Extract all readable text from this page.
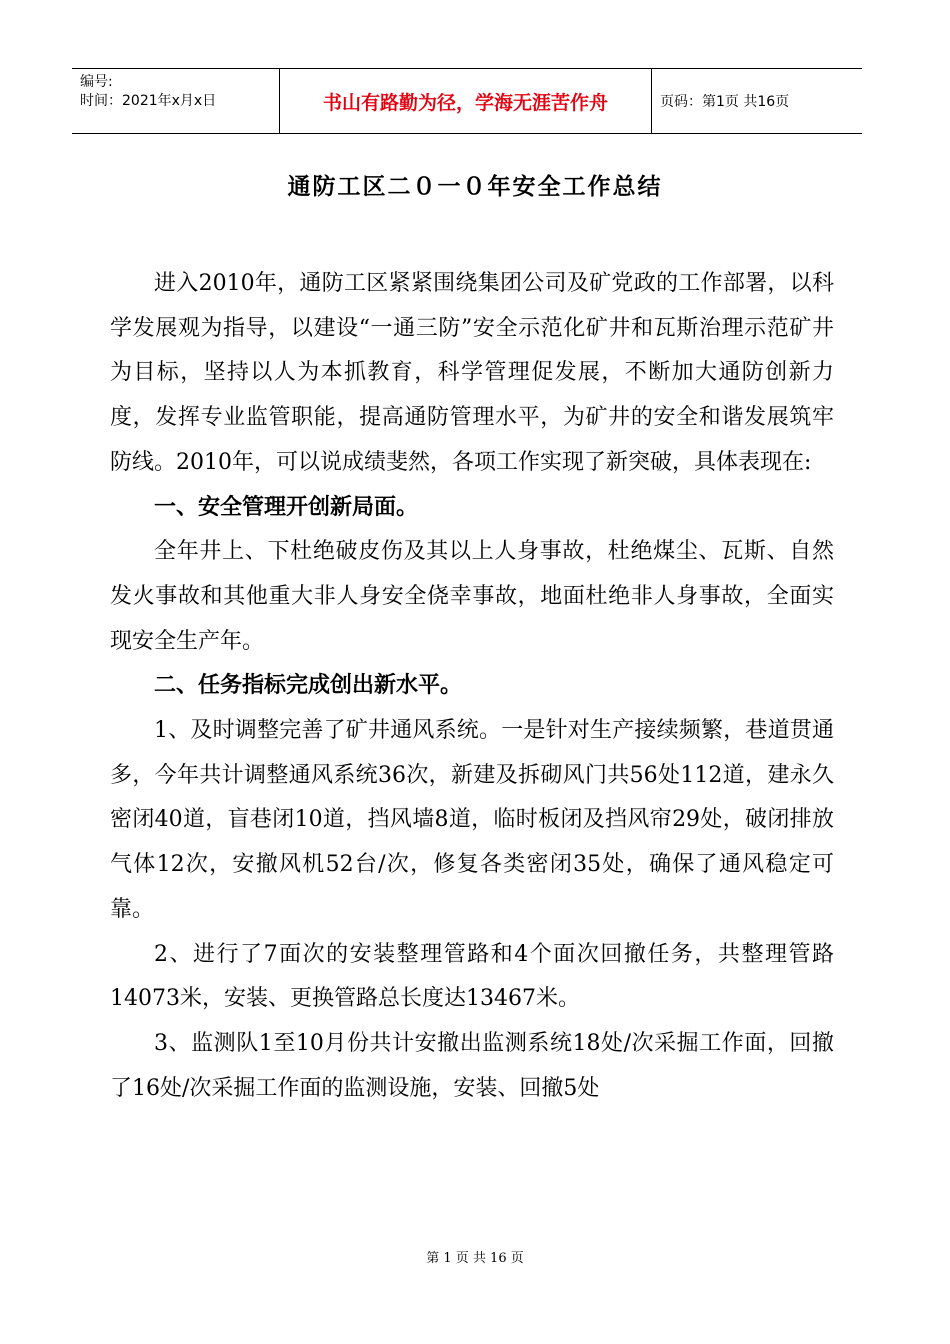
编号:
时间：2021年x月x日	书山有路勤为径，学海无涯苦作舟	页码：第1页 共16页
通防工区二０一０年安全工作总结

进入2010年，通防工区紧紧围绕集团公司及矿党政的工作部署，以科学发展观为指导，以建设“一通三防”安全示范化矿井和瓦斯治理示范矿井为目标，坚持以人为本抓教育，科学管理促发展，不断加大通防创新力度，发挥专业监管职能，提高通防管理水平，为矿井的安全和谐发展筑牢防线。2010年，可以说成绩斐然，各项工作实现了新突破，具体表现在:

一、安全管理开创新局面。

全年井上、下杜绝破皮伤及其以上人身事故，杜绝煤尘、瓦斯、自然发火事故和其他重大非人身安全侥幸事故，地面杜绝非人身事故，全面实现安全生产年。

二、任务指标完成创出新水平。

1、及时调整完善了矿井通风系统。一是针对生产接续频繁，巷道贯通多，今年共计调整通风系统36次，新建及拆砌风门共56处112道，建永久密闭40道，盲巷闭10道，挡风墙8道，临时板闭及挡风帘29处，破闭排放气体12次，安撤风机52台/次，修复各类密闭35处，确保了通风稳定可靠。

2、进行了7面次的安装整理管路和4个面次回撤任务，共整理管路14073米，安装、更换管路总长度达13467米。

3、监测队1至10月份共计安撤出监测系统18处/次采掘工作面，回撤了16处/次采掘工作面的监测设施，安装、回撤5处

第 1 页 共 16 页
